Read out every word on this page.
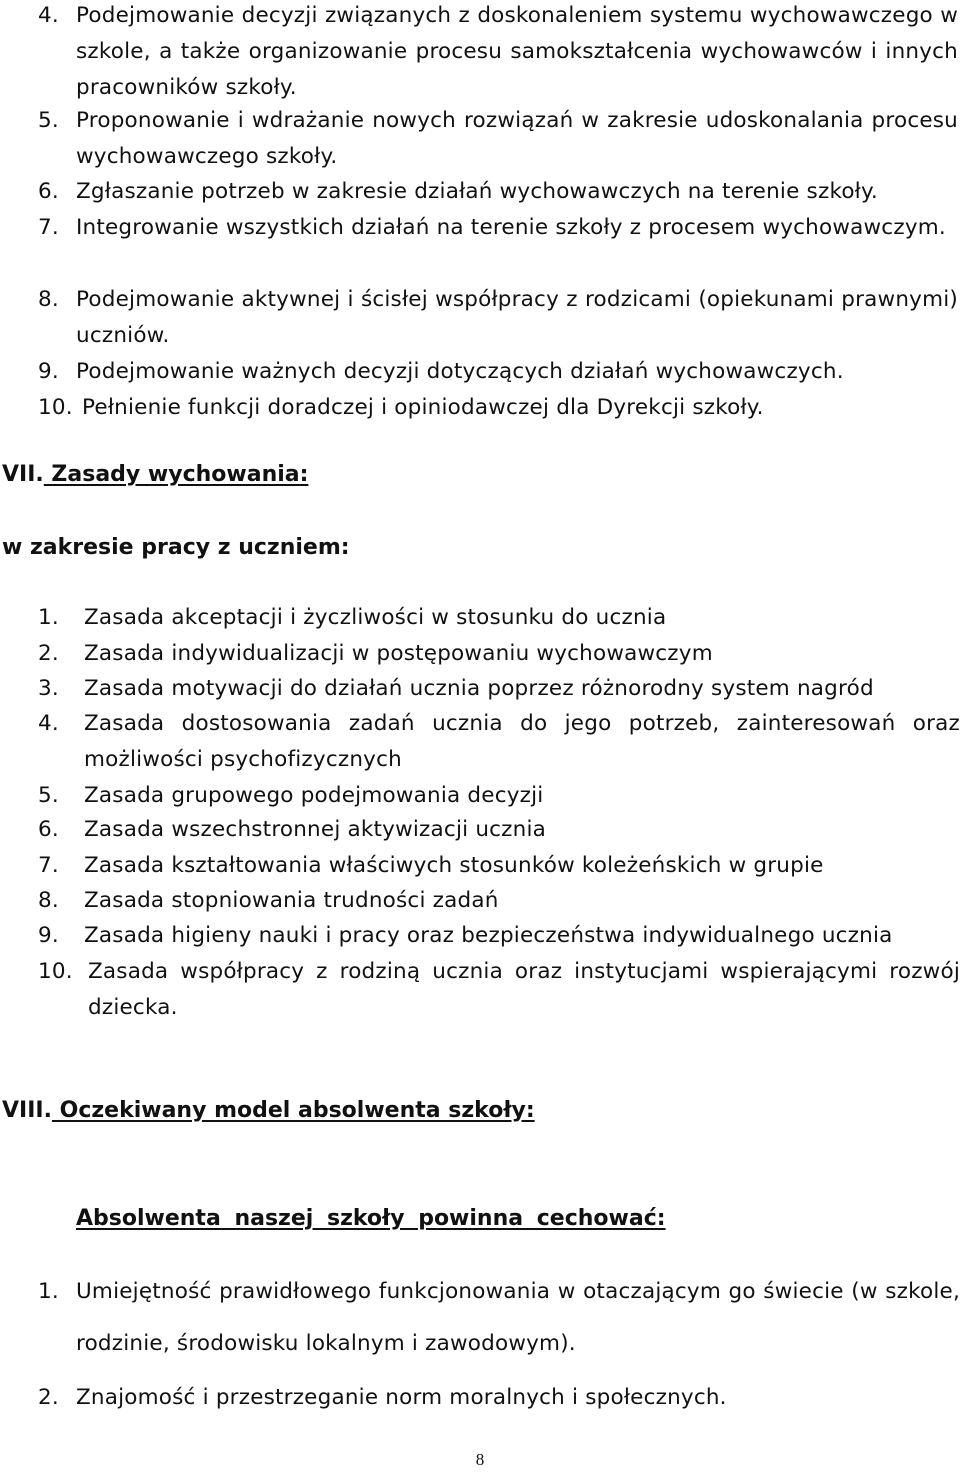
4. Podejmowanie decyzji związanych z doskonaleniem systemu wychowawczego w szkole, a także organizowanie procesu samokształcenia wychowawców i innych pracowników szkoły.
5. Proponowanie i wdrażanie nowych rozwiązań w zakresie udoskonalania procesu wychowawczego szkoły.
6. Zgłaszanie potrzeb w zakresie działań wychowawczych na terenie szkoły.
7. Integrowanie wszystkich działań na terenie szkoły z procesem wychowawczym.
8. Podejmowanie aktywnej i ścisłej współpracy z rodzicami (opiekunami prawnymi) uczniów.
9. Podejmowanie ważnych decyzji dotyczących działań wychowawczych.
10. Pełnienie funkcji doradczej i opiniodawczej dla Dyrekcji szkoły.
VII. Zasady wychowania:
w zakresie pracy z uczniem:
1.	Zasada akceptacji i życzliwości w stosunku do ucznia
2.	Zasada indywidualizacji w postępowaniu wychowawczym
3.	Zasada motywacji do działań ucznia poprzez różnorodny system nagród
4.	Zasada dostosowania zadań ucznia do jego potrzeb, zainteresowań oraz możliwości psychofizycznych
5.	Zasada grupowego podejmowania decyzji
6.	Zasada wszechstronnej aktywizacji ucznia
7.	Zasada kształtowania właściwych stosunków koleżeńskich w grupie
8.	Zasada stopniowania trudności zadań
9.	Zasada higieny nauki i pracy oraz bezpieczeństwa indywidualnego ucznia
10. Zasada współpracy z rodziną ucznia oraz instytucjami wspierającymi rozwój dziecka.
VIII. Oczekiwany model absolwenta szkoły:
Absolwenta naszej szkoły powinna cechować:
1. Umiejętność prawidłowego funkcjonowania w otaczającym go świecie (w szkole, rodzinie, środowisku lokalnym i zawodowym).
2. Znajomość i przestrzeganie norm moralnych i społecznych.
8
